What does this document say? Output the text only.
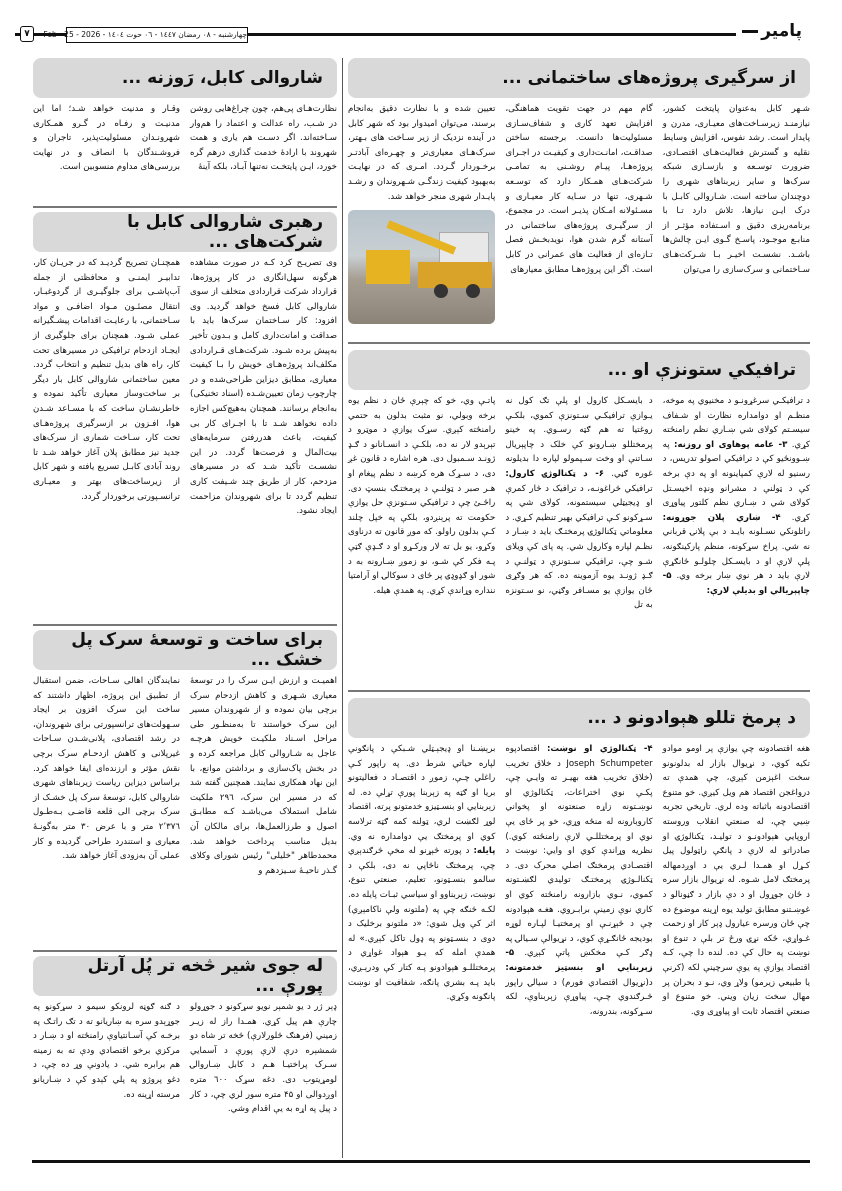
پامیر
چهارشنبه - ۰۸ رمضان ۱٤٤۷ - ۰٦ حوت ۱٤۰٤ - Feb - 25 - 2026
۷
از سرگیری پروژه‌های ساختمانی ...
شـهر کابل به‌عنوان پایتخت کشور، نیازمنـد زیرسـاخت‌های معیـاری، مدرن و پایدار است. رشد نفوس، افزایش وسایط نقلیه و گسترش فعالیت‌هـای اقتصـادی، ضرورت توسـعه و بازسـازی شبکه سرک‌ها و سایر زیربناهای شهری را دوچندان ساخته است. شـاروالی کابـل با درک ایـن نیازها، تلاش دارد تـا با برنامه‌ریزی دقیق و اسـتفاده مؤثـر از منابـع موجـود، پاسـخ گـوی ایـن چالش‌ها باشـد. نشسـت اخیـر بـا شـرکت‌هـای سـاختمانی و سرک‌سازی را می‌توان
گام مهم در جهت تقویت هماهنگی، افزایش تعهد کاری و شفاف‌سـازی مسئولیت‌ها دانست. برجسته ساختن صداقـت، امانـت‌داری و کیفیـت در اجـرای پروژه‌هـا، پیـام روشـنی به تمامـی شرکت‌هـای همـکار دارد که توسـعه شـهری، تنها در سـایه کار معیـاری و مسـئولانه امـکان پذیـر است. در مجموع، از سرگیـری پروژه‌های ساختمانی در آستانه گرم شدن هوا، نویدبخـش فصل تـازه‌ای از فعالیت های عمرانی در کابل است. اگر این پروژه‌هـا مطابق معیارهای

تعیین شده و با نظارت دقیق به‌انجام برسند، می‌توان امیدوار بود که شهر کابل در آینده نزدیک از زیر سـاخت های بـهتر، سرک‌هـای معیاری‌تر و چهـره‌ای آبادتـر برخـوردار گـردد. امـری که در نهایـت به‌بهبود کیفیت زندگـی شـهروندان و رشـد پایـدار شهری منجر خواهد شد.

ترافيکي ستونزې او ...
د ترافيکـي سرغړونـو د مخنيوي په موخه، منظـم او دوامداره نظارت او شـفاف سيسـتم کولای شي ښـاري نظم رامنځته کړي. ۳- عامه پوهاوی او روزنه: په ښـوونځيو کې د ترافيکي اصولو تدريس، د رسنيو له لارې کمپاينونه او په دې برخه کې د ټولنې د مشرانو ونډه اخيسـتل کولای شي د ښـاري نظم کلتور پياوړی کړي. ۴- ښاري پلان جوړونه: راتلونکي نسـلونه بايـد د بې پلانۍ قرباني نه شي. پراخ سړکونه، منظم پارکينګونه، پلې لارې او د بايسـکل چلولـو ځانګړې لارې بايد د هر نوي ښار برخه وي. ۵- چاپېريالي او بديلې لارې:
د بايسـکل کارول او پلې تګ کول نه يـوازې ترافيکـي سـتونزې کموي، بلکـې روغتيا ته هم ګټه رسـوي. په خينو پرمختللو ښـارونو کې خلک د چاپېريال سـاتنې او وخت سـپمولو لپاره دا بديلونه غوره ګڼي. ۶- د ټکنالوژۍ کارول: ترافيکي څراغونـه، د ترافيک د څار کمرې او ډيجيټلي سيستمونه، کولای شي په سـړکونو کـې ترافيکي بهير تنظيم کـړي. د معلوماتي ټکنالوژۍ پرمختـګ بايد د ښـار د نظـم لپاره وکارول شي. په پای کې ويلای شـو چې، ترافيکي سـتونزې د ټولنـې د ګـډ ژونـد يوه آزموينه ده. که هر وګړی ځان يوازې يو مسـافر وګڼي، نو سـتونزه به تل
پاتـې وي، خو که چېرې ځان د نظم يوه برخه وبولي، نو مثبت بدلون به حتمي رامنځته کېږي. سړک يوازې د موټرو د تېرېدو لار نه ده، بلکـې د انسـانانو د ګـډ ژونـد سـمبول دی. هره اشاره د قانون غږ دی، د سـړک هره کرښه د نظم پيغام او هـر صبر د ټولنـې د پرمختـګ بنسټ دی. راځـئ چې د ترافيکي سـتونزې حل يوازې حکومت ته پرېنږدو، بلکې په خپل چلند کـې بدلون راولو. که موږ قانون ته درناوی وکړو، يو بل ته لار ورکـړو او د ګـډې ګټې پـه فکر کې شـو، نو زموږ ښـارونه به د شور او ګډوډۍ پر ځای د سوکالۍ او آرامتيا ننداره وړاندې کړي. په همدې هيله.
د پرمخ تللو هېوادونو د ...
هغه اقتصادونه چې يوازې پر اومو موادو تکيه کوي، د نړيوال بازار له بدلونونو سخت اغېزمن کېږي، چې همدې ته درواغجن اقتصاد هم ويل کيږي. خو متنوع اقتصادونه باثباته وده لري. تاريخي تجربه ښيي چې، له صنعتي انقلاب وروسته اروپايي هېوادونـو د توليـد، ټکنالوژۍ او صادراتو له لارې د پانګې راټولول پيل کـړل او همـدا لـري يې د اوږدمهاله پرمختګ لامل شـوه. له نړيوال بازار سره د ځان جوړول او د دې بازار د ګڼونالو د غوښـتنو مطابق توليد يوه اړينه موضوع ده چې ځان ورسره عيارول ډېر کار او زحمت غـواړي، ځکه نړۍ ورځ تر بلې د تنوع او نوښت په حال کې ده. لنده دا چې، کـه اقتصاد يوازې په يوې سرچينې لکه (کرنې يا طبيعي زيرمو) ولاړ وي، نـو د بحران پر مهال سخت زيان ويني. خو متنوع او صنعتي اقتصاد ثابت او پياوړی وي.
۴- ټکنالوژي او نوښت: اقتصادپوه Joseph Schumpeter د خلاق تخريب (خلاق تخريب هغه بهيـر ته وايـي چې، پکـې نوي اختراعات، ټکنالوژي او نوښـتونه زاړه صنعتونه او پخواني کاروبارونه له منځه وړي، خو پر ځای يې نوي او پرمختللـي لارې رامنځته کوي.) نظريه وړاندې کوي او وايي: نوښت د اقتصـادي پرمختګ اصلي محرک دی. د ټکنالـوژۍ پرمختـګ توليدي لګښـتونه کموي، نـوي بازارونه رامنځته کوي او کاري نوې زمينې برابـروي. هغـه هېوادونه چې د څېړنـې او پرمختيـا لپـاره لوړه بوديجه ځانګـړې کوي، د نړيوالې سـيالۍ په ډګر کـې مخکښ پاتې کېږي. ۵- زېربنايي او بنسټيز خدمتونه: د(نړيوال اقتصادي فورم) د سيالۍ راپور څـرګندوي چـې، پياوړې زېربناوې، لکه سـړکونه، بندرونه،
برېښـنا او ډيجېـټلي شـبکې د پانګونې لپاره حياتي شرط دی. په راپور کـې راغلي چـې، زموږ د اقتصـاد د فعاليتونو بريا او ګټه په زېربنا پورې تړلې ده. له زېربنايي او بنسـټيزو خدمتونو پرته، اقتصاد لوړ لګښت لري، ټولنه کمه ګټه ترلاسه کوي او پرمختګ يې دوامداره نه وي. پايله: د پورته څېړنو له مخې څرګندېږي چې، پرمختګ ناڅاپي نه دی، بلکې د سالمو بنسـټونو، تعليم، صنعتي تنوع، نوښت، زېربناوو او سياسي ثبـات پايله ده. لکـه څنګه چې په (ملتونه ولې ناکامېږي) اثر کې ويل شوي: «د ملتونو برخليک د دوی د بنسـټونو په ډول تاکل کېږي.» له همدې امله که يـو هېواد غواړي د پرمختللـو هېوادونو پـه کتار کې ودرېـږي، بايد پـه بشري پانګه، شفافيت او نوښت پانګونه وکړي.
شاروالی کابل، رَوزنه ...
نظارت‌هـای پی‌هم، چون چراغ‌هایی روشن در شـب، راه عدالت و اعتماد را هم‌وار سـاخته‌اند. اگر دسـت هم یاری و همت شهروند با ارادهٔ خدمت گذاری درهم گره خورد، ایـن پایتخـت نه‌تنها آبـاد، بلکه آینهٔ
وقـار و مدنیت خواهد شـد؛ اما این مدنیـت و رفـاه در گـرو همـکاری شهرونـدان مسئولیت‌پذیر، تاجران و فروشـندگان با انصاف و در نهایت بررسی‌های مداوم منسوبین است.
رهبری شاروالی کابل با شرکت‌های ...
وی تصریـح کرد کـه در صورت مشاهده هرگونه سهل‌انگاری در کار پروژه‌ها، قرارداد شرکت قراردادی متخلف از سوی شاروالی کابل فسخ خواهد گردید. وی افزود: کار سـاختمان سرک‌ها باید با صداقت و امانت‌داری کامل و بـدون تأخیر به‌پیش برده شـود. شرکت‌هـای قـراردادی مکلف‌اند پروژه‌هـای خویش را بـا کیفیت معیاری، مطابق دیزاین طراحی‌شده و در چارچوب زمان تعیین‌شـده (اسناد تخنیکی) به‌انجام برسانند. همچنان به‌هیچ‌کس اجازه داده نخواهد شـد تا با اجـرای کار بی کیفیت، باعث هدررفتن سرمایه‌های بیت‌المال و فرصت‌ها گردد. در این نشسـت تأکید شـد که در مسیرهای مزدحم، کار از طریق چند شـیفت کاری تنظیم گردد تا برای شهروندان مزاحمت ایجاد نشود.
همچنـان تصریح گردیـد که در جریـان کار، تدابیـر ایمنـی و محافظتی از جمله آب‌پاشـی برای جلوگیـری از گردوغبـار، انتقال مصئـون مـواد اضافـی و مواد سـاختمانی، با رعایـت اقدامات پیشـگیرانه عملی شـود. همچنان برای جلوگیری از ایجـاد ازدحام ترافیکی در مسیرهای تحت کار، راه های بدیل تنظیم و انتخاب گردد. معین ساختمانی شاروالی کابل بار دیگر بر ساخت‌وساز معیاری تأکید نموده و خاطرنشـان ساخت که با مسـاعد شـدن هوا، افـزون بر ازسرگیری پروژه‌هـای تحت کار، سـاخت شماری از سرک‌های جدید نیز مطابق پلان آغاز خواهد شـد تا روند آبادی کابـل تسریع یافته و شهر کابل از زیرساخت‌های بهتر و معیـاری ترانسـپورتی برخوردار گردد.
برای ساخت و توسعهٔ سرک پل خشک ...
اهمیـت و ارزش ایـن سرک را در توسعهٔ معیاری شـهری و کاهش ازدحام سرک برچی بیان نموده و از شهروندان مسیر این سرک خواستند تا به‌منظـور طی مراحل اسـناد ملکیـت خویش هرچـه عاجل به شـاروالی کابل مراجعه کرده و در بخش پاک‌سازی و برداشتن موانع، با این نهاد همکاری نمایند. همچنین گفته شد که در مسیر این سرک، ۲۹٦ ملکیت شامل استملاک می‌باشـد کـه مطابـق اصول و طرزالعمل‌ها، برای مالکان آن بدیل مناسب پرداخت خواهد شد. محمدطاهر "خلیلی" رئیس شورای وکلای گـذر ناحیـهٔ سـیزدهم و
نمایندگان اهالی سـاحات، ضمن استقبال از تطبیق این پروژه، اظهار داشتند که ساخت این سرک افزون بر ایجاد سـهولت‌های ترانسپورتی برای شهروندان، در رشد اقتصادی، پلانی‌شـدن سـاحات غیرپلانی و کاهش ازدحـام سرک برچی نقش مؤثر و ارزنده‌ای ایفا خواهد کرد. براساس دیزاین ریاست زیربناهای شهری شاروالی کابل، توسعهٔ سرک پل خشـک از سرک برچی الی قلعه قاضـی بـه‌طـول ۲٬۳۷٦ متر و با عرض ۳۰ متر به‌گونـهٔ معیاری و استندرد طراحی گردیده و کار عملی آن به‌زودی آغاز خواهد شد.
له جوی شير څخه تر پُل آرتل پورې ...
ډېر ژر د يو شمېر نويو سړکونو د جوړولو چارې هم پيل کړي. همـدا راز له زيـر زميني (فرهنګ څلورلارې) څخه تر شاه دو شمشېره درې لارې پورې د آسمايي سـرک پراختيـا هـم د کابل ښـاروالۍ لومړيتوب دی. دغه سړک ٦۰۰ متره اوږدوالی او ۴۵ متره سور لري چې، د کار د پيل په اړه به يې اقدام وشي.
د ګنه ګوڼه لرونکو سيمو د سړکونو په جوړېدو سره به ښاريانو ته د تګ راتـګ په برخـه کې آسـانتياوې رامنځته او د ښـار د مرکزي برخو اقتصادي ودې ته به زمينه هم برابره شي. د يادونې وړ ده چې، د دغو پروژو په پلي کېدو کې د ښـاريانو مرسته اړينه ده.
